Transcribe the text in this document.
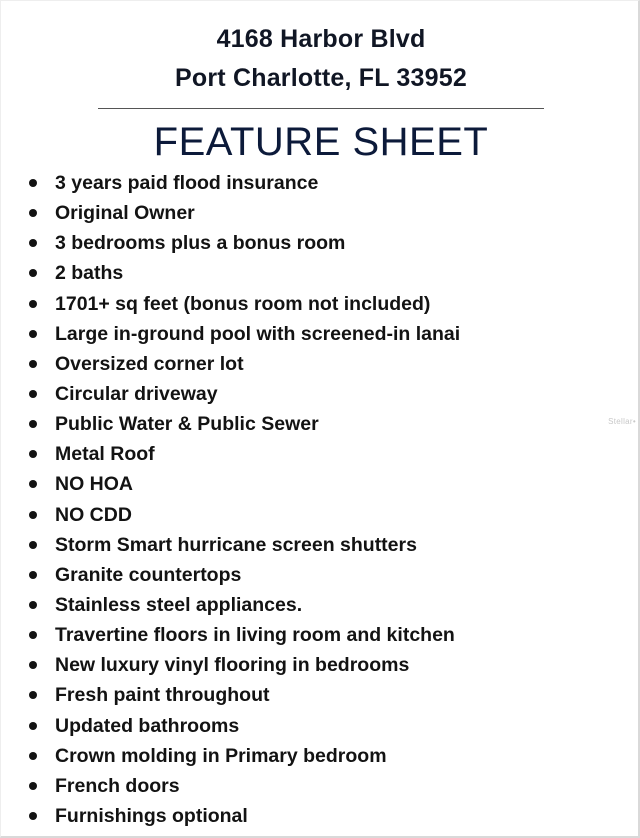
4168 Harbor Blvd
Port Charlotte, FL 33952
FEATURE SHEET
3 years paid flood insurance
Original Owner
3 bedrooms plus a bonus room
2 baths
1701+ sq feet (bonus room not included)
Large in-ground pool with screened-in lanai
Oversized corner lot
Circular driveway
Public Water & Public Sewer
Metal Roof
NO HOA
NO CDD
Storm Smart hurricane screen shutters
Granite countertops
Stainless steel appliances.
Travertine floors in living room and kitchen
New luxury vinyl flooring in bedrooms
Fresh paint throughout
Updated bathrooms
Crown molding in Primary bedroom
French doors
Furnishings optional
Stellar•
